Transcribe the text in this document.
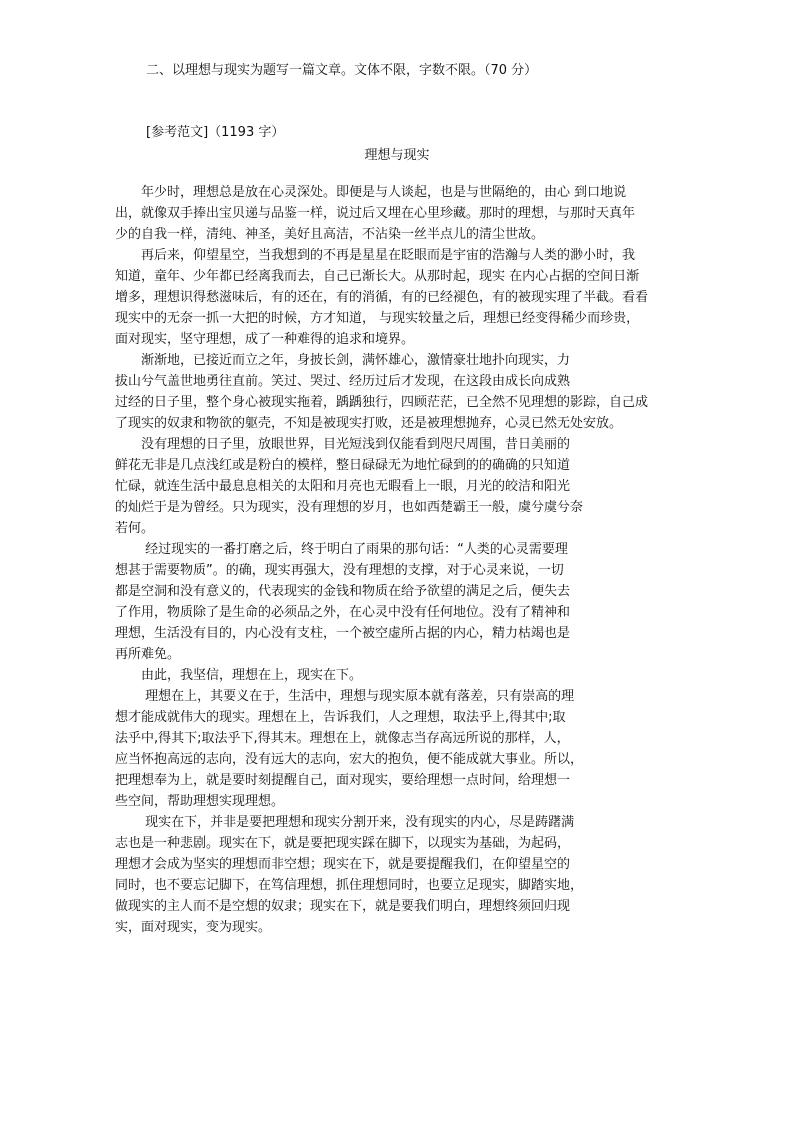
二、以理想与现实为题写一篇文章。文体不限，字数不限。（70 分）
[参考范文]（1193 字）
理想与现实
　　年少时，理想总是放在心灵深处。即便是与人谈起，也是与世隔绝的，由心 到口地说
出，就像双手捧出宝贝递与品鉴一样，说过后又埋在心里珍藏。那时的理想，与那时天真年
少的自我一样，清纯、神圣，美好且高洁，不沾染一丝半点儿的清尘世故。
　　再后来，仰望星空，当我想到的不再是星星在眨眼而是宇宙的浩瀚与人类的渺小时，我
知道，童年、少年都已经离我而去，自己已渐长大。从那时起，现实 在内心占据的空间日渐
增多，理想识得愁滋味后，有的还在，有的消循，有的已经褪色，有的被现实理了半截。看看
现实中的无奈一抓一大把的时候，方才知道， 与现实较量之后，理想已经变得稀少而珍贵，
面对现实，坚守理想，成了一种难得的追求和境界。
　　渐渐地，已接近而立之年，身披长剑，满怀雄心，激情豪壮地扑向现实，力
拔山兮气盖世地勇往直前。笑过、哭过、经历过后才发现，在这段由成长向成熟
过经的日子里，整个身心被现实拖着，踽踽独行，四顾茫茫，已全然不见理想的影踪，自己成
了现实的奴隶和物欲的躯壳，不知是被现实打败，还是被理想抛弃，心灵已然无处安放。
　　没有理想的日子里，放眼世界，目光短浅到仅能看到咫尺周围，昔日美丽的
鲜花无非是几点浅红或是粉白的模样，整日碌碌无为地忙碌到的的确确的只知道
忙碌，就连生活中最息息相关的太阳和月亮也无暇看上一眼，月光的皎洁和阳光
的灿烂于是为曾经。只为现实，没有理想的岁月，也如西楚霸王一般，虞兮虞兮奈
若何。
　　 经过现实的一番打磨之后，终于明白了雨果的那句话：“人类的心灵需要理
想甚于需要物质”。的确，现实再强大，没有理想的支撑，对于心灵来说，一切
都是空洞和没有意义的，代表现实的金钱和物质在给予欲望的满足之后，便失去
了作用，物质除了是生命的必须品之外，在心灵中没有任何地位。没有了精神和
理想，生活没有目的，内心没有支柱，一个被空虚所占据的内心，精力枯竭也是
再所难免。
　　由此，我坚信，理想在上，现实在下。
　　 理想在上，其要义在于，生活中，理想与现实原本就有落差，只有崇高的理
想才能成就伟大的现实。理想在上，告诉我们，人之理想，取法乎上,得其中;取
法乎中,得其下;取法乎下,得其末。理想在上，就像志当存高远所说的那样，人，
应当怀抱高远的志向，没有远大的志向，宏大的抱负，便不能成就大事业。所以，
把理想奉为上，就是要时刻提醒自己，面对现实，要给理想一点时间，给理想一
些空间，帮助理想实现理想。
　　 现实在下，并非是要把理想和现实分割开来，没有现实的内心，尽是踌躇满
志也是一种悲剧。现实在下，就是要把现实踩在脚下，以现实为基础，为起码，
理想才会成为坚实的理想而非空想；现实在下，就是要提醒我们，在仰望星空的
同时，也不要忘记脚下，在笃信理想，抓住理想同时，也要立足现实，脚踏实地，
做现实的主人而不是空想的奴隶；现实在下，就是要我们明白，理想终须回归现
实，面对现实，变为现实。
